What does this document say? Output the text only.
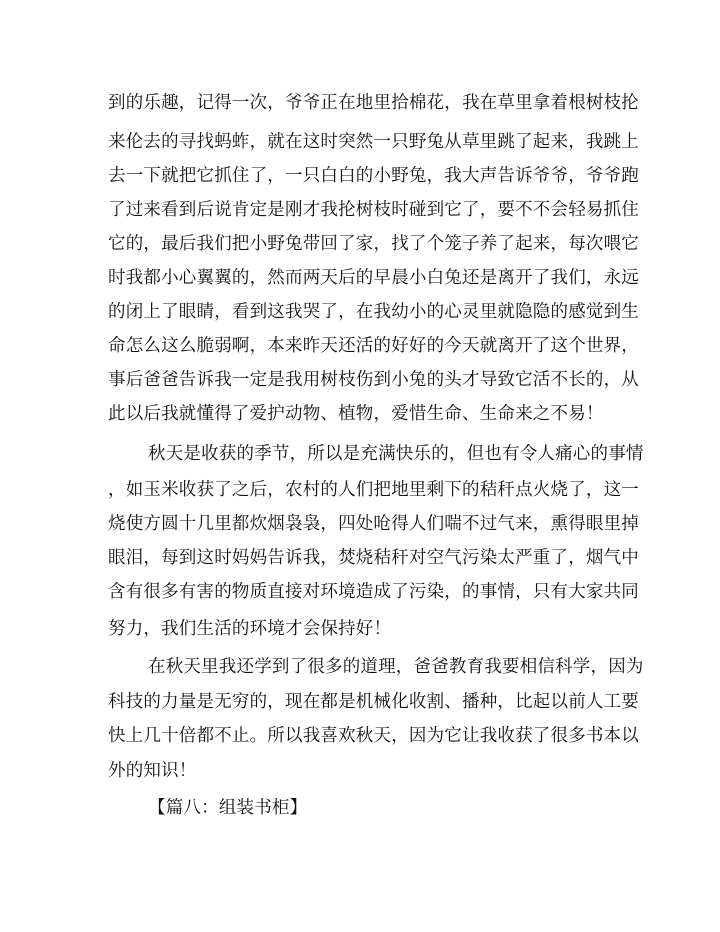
到的乐趣，记得一次，爷爷正在地里拾棉花，我在草里拿着根树枝抡

来伦去的寻找蚂蚱，就在这时突然一只野兔从草里跳了起来，我跳上

去一下就把它抓住了，一只白白的小野兔，我大声告诉爷爷，爷爷跑

了过来看到后说肯定是刚才我抡树枝时碰到它了，要不不会轻易抓住

它的，最后我们把小野兔带回了家，找了个笼子养了起来，每次喂它

时我都小心翼翼的，然而两天后的早晨小白兔还是离开了我们，永远

的闭上了眼睛，看到这我哭了，在我幼小的心灵里就隐隐的感觉到生

命怎么这么脆弱啊，本来昨天还活的好好的今天就离开了这个世界，

事后爸爸告诉我一定是我用树枝伤到小兔的头才导致它活不长的，从

此以后我就懂得了爱护动物、植物，爱惜生命、生命来之不易！

秋天是收获的季节，所以是充满快乐的，但也有令人痛心的事情

，如玉米收获了之后，农村的人们把地里剩下的秸秆点火烧了，这一

烧使方圆十几里都炊烟袅袅，四处呛得人们喘不过气来，熏得眼里掉

眼泪，每到这时妈妈告诉我，焚烧秸秆对空气污染太严重了，烟气中

含有很多有害的物质直接对环境造成了污染，的事情，只有大家共同

努力，我们生活的环境才会保持好！

在秋天里我还学到了很多的道理，爸爸教育我要相信科学，因为

科技的力量是无穷的，现在都是机械化收割、播种，比起以前人工要

快上几十倍都不止。所以我喜欢秋天，因为它让我收获了很多书本以

外的知识！

【篇八：组装书柜】
